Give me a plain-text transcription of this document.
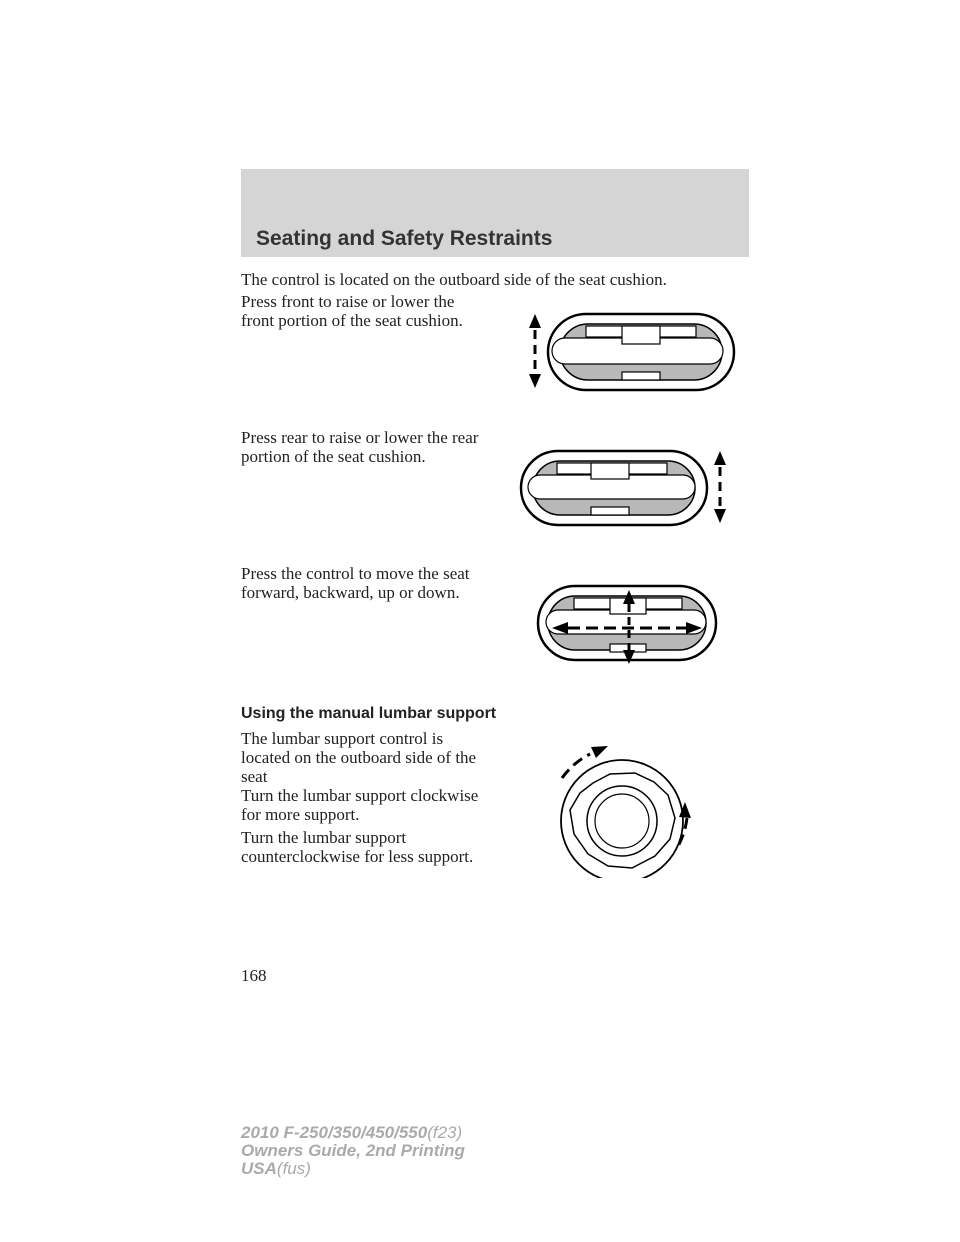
Seating and Safety Restraints

The control is located on the outboard side of the seat cushion.

Press front to raise or lower the

front portion of the seat cushion.

Press rear to raise or lower the rear

portion of the seat cushion.

Press the control to move the seat

forward, backward, up or down.

Using the manual lumbar support

The lumbar support control is

located on the outboard side of the

seat

Turn the lumbar support clockwise

for more support.

Turn the lumbar support

counterclockwise for less support.

168

2010 F-250/350/450/550(f23)
Owners Guide, 2nd Printing
USA(fus)
